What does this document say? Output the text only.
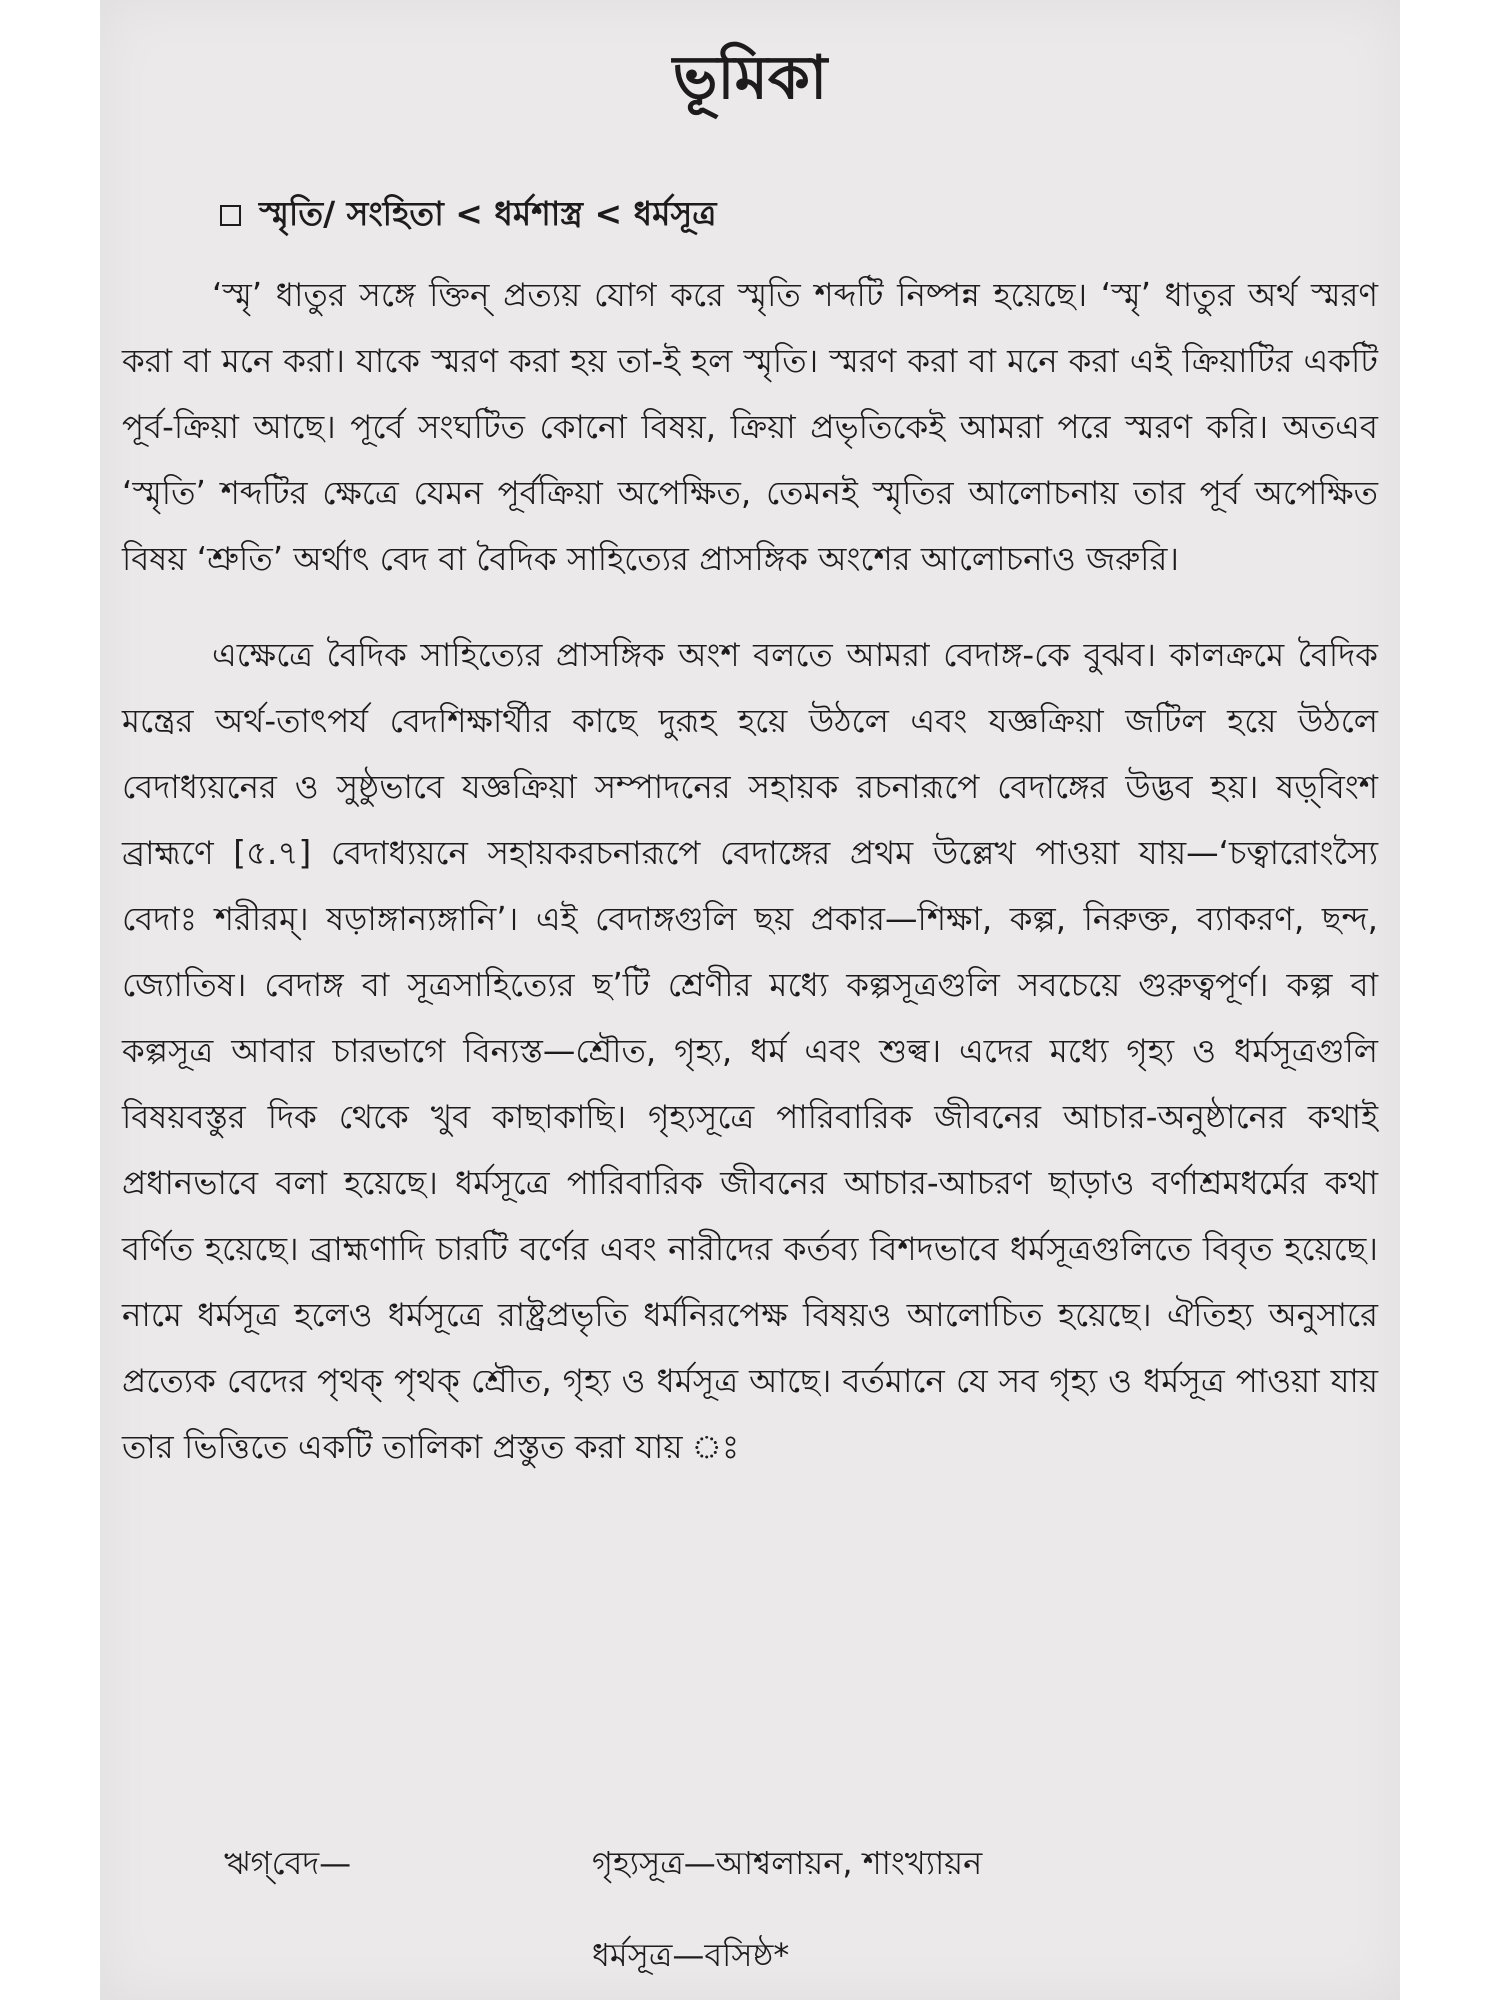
ভূমিকা
স্মৃতি/ সংহিতা < ধর্মশাস্ত্র < ধর্মসূত্র

‘স্মৃ’ ধাতুর সঙ্গে ক্তিন্‌ প্রত্যয় যোগ করে স্মৃতি শব্দটি নিষ্পন্ন হয়েছে। ‘স্মৃ’ ধাতুর অর্থ স্মরণ করা বা মনে করা। যাকে স্মরণ করা হয় তা-ই হল স্মৃতি। স্মরণ করা বা মনে করা এই ক্রিয়াটির একটি পূর্ব-ক্রিয়া আছে। পূর্বে সংঘটিত কোনো বিষয়, ক্রিয়া প্রভৃতিকেই আমরা পরে স্মরণ করি। অতএব ‘স্মৃতি’ শব্দটির ক্ষেত্রে যেমন পূর্বক্রিয়া অপেক্ষিত, তেমনই স্মৃতির আলোচনায় তার পূর্ব অপেক্ষিত বিষয় ‘শ্রুতি’ অর্থাৎ বেদ বা বৈদিক সাহিত্যের প্রাসঙ্গিক অংশের আলোচনাও জরুরি।

এক্ষেত্রে বৈদিক সাহিত্যের প্রাসঙ্গিক অংশ বলতে আমরা বেদাঙ্গ-কে বুঝব। কালক্রমে বৈদিক মন্ত্রের অর্থ-তাৎপর্য বেদশিক্ষার্থীর কাছে দুরূহ হয়ে উঠলে এবং যজ্ঞক্রিয়া জটিল হয়ে উঠলে বেদাধ্যয়নের ও সুষ্ঠুভাবে যজ্ঞক্রিয়া সম্পাদনের সহায়ক রচনারূপে বেদাঙ্গের উদ্ভব হয়। ষড়্‌বিংশ ব্রাহ্মণে [৫.৭] বেদাধ্যয়নে সহায়করচনারূপে বেদাঙ্গের প্রথম উল্লেখ পাওয়া যায়—‘চত্বারোংস্যৈ বেদাঃ শরীরম্‌। ষড়াঙ্গান্যঙ্গানি’। এই বেদাঙ্গগুলি ছয় প্রকার—শিক্ষা, কল্প, নিরুক্ত, ব্যাকরণ, ছন্দ, জ্যোতিষ। বেদাঙ্গ বা সূত্রসাহিত্যের ছ’টি শ্রেণীর মধ্যে কল্পসূত্রগুলি সবচেয়ে গুরুত্বপূর্ণ। কল্প বা কল্পসূত্র আবার চারভাগে বিন্যস্ত—শ্রৌত, গৃহ্য, ধর্ম এবং শুল্ব। এদের মধ্যে গৃহ্য ও ধর্মসূত্রগুলি বিষয়বস্তুর দিক থেকে খুব কাছাকাছি। গৃহ্যসূত্রে পারিবারিক জীবনের আচার-অনুষ্ঠানের কথাই প্রধানভাবে বলা হয়েছে। ধর্মসূত্রে পারিবারিক জীবনের আচার-আচরণ ছাড়াও বর্ণাশ্রমধর্মের কথা বর্ণিত হয়েছে। ব্রাহ্মণাদি চারটি বর্ণের এবং নারীদের কর্তব্য বিশদভাবে ধর্মসূত্রগুলিতে বিবৃত হয়েছে। নামে ধর্মসূত্র হলেও ধর্মসূত্রে রাষ্ট্রপ্রভৃতি ধর্মনিরপেক্ষ বিষয়ও আলোচিত হয়েছে। ঐতিহ্য অনুসারে প্রত্যেক বেদের পৃথক্‌ পৃথক্‌ শ্রৌত, গৃহ্য ও ধর্মসূত্র আছে। বর্তমানে যে সব গৃহ্য ও ধর্মসূত্র পাওয়া যায় তার ভিত্তিতে একটি তালিকা প্রস্তুত করা যায় ঃ

ঋগ্‌বেদ—	গৃহ্যসূত্র—আশ্বলায়ন, শাংখ্যায়ন
ধর্মসূত্র—বসিষ্ঠ*
